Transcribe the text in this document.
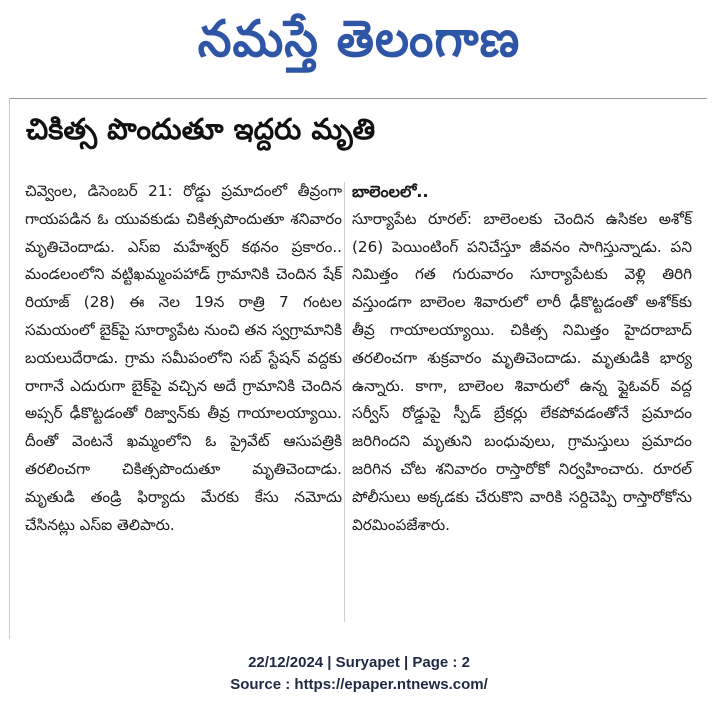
నమస్తే తెలంగాణ
చికిత్స పొందుతూ ఇద్దరు మృతి

చివ్వెంల, డిసెంబర్ 21: రోడ్డు ప్రమాదంలో తీవ్రంగా గాయపడిన ఓ యువకుడు చికిత్సపొందుతూ శనివారం మృతిచెందాడు. ఎస్ఐ మహేశ్వర్ కథనం ప్రకారం.. మండలంలోని వట్టిఖమ్మంపహాడ్ గ్రామానికి చెందిన షేక్ రియాజ్ (28) ఈ నెల 19న రాత్రి 7 గంటల సమయంలో బైక్‌పై సూర్యాపేట నుంచి తన స్వగ్రామానికి బయలుదేరాడు. గ్రామ సమీపంలోని సబ్ స్టేషన్ వద్దకు రాగానే ఎదురుగా బైక్‌పై వచ్చిన అదే గ్రామానికి చెందిన అప్సర్ ఢీకొట్టడంతో రిజ్వాన్‌కు తీవ్ర గాయాలయ్యాయి. దీంతో వెంటనే ఖమ్మంలోని ఓ ప్రైవేట్ ఆసుపత్రికి తరలించగా చికిత్సపొందుతూ మృతిచెందాడు. మృతుడి తండ్రి ఫిర్యాదు మేరకు కేసు నమోదు చేసినట్లు ఎస్ఐ తెలిపారు.

బాలెంలలో..

సూర్యాపేట రూరల్: బాలెంలకు చెందిన ఉసికల అశోక్ (26) పెయింటింగ్ పనిచేస్తూ జీవనం సాగిస్తున్నాడు. పని నిమిత్తం గత గురువారం సూర్యాపేటకు వెళ్లి తిరిగి వస్తుండగా బాలెంల శివారులో లారీ ఢీకొట్టడంతో అశోక్‌కు తీవ్ర గాయాలయ్యాయి. చికిత్స నిమిత్తం హైదరాబాద్ తరలించగా శుక్రవారం మృతిచెందాడు. మృతుడికి భార్య ఉన్నారు. కాగా, బాలెంల శివారులో ఉన్న ఫ్లైఓవర్ వద్ద సర్వీస్ రోడ్డుపై స్పీడ్ బ్రేకర్లు లేకపోవడంతోనే ప్రమాదం జరిగిందని మృతుని బంధువులు, గ్రామస్తులు ప్రమాదం జరిగిన చోట శనివారం రాస్తారోకో నిర్వహించారు. రూరల్ పోలీసులు అక్కడకు చేరుకొని వారికి సర్దిచెప్పి రాస్తారోకోను విరమింపజేశారు.

22/12/2024 | Suryapet | Page : 2
Source : https://epaper.ntnews.com/
